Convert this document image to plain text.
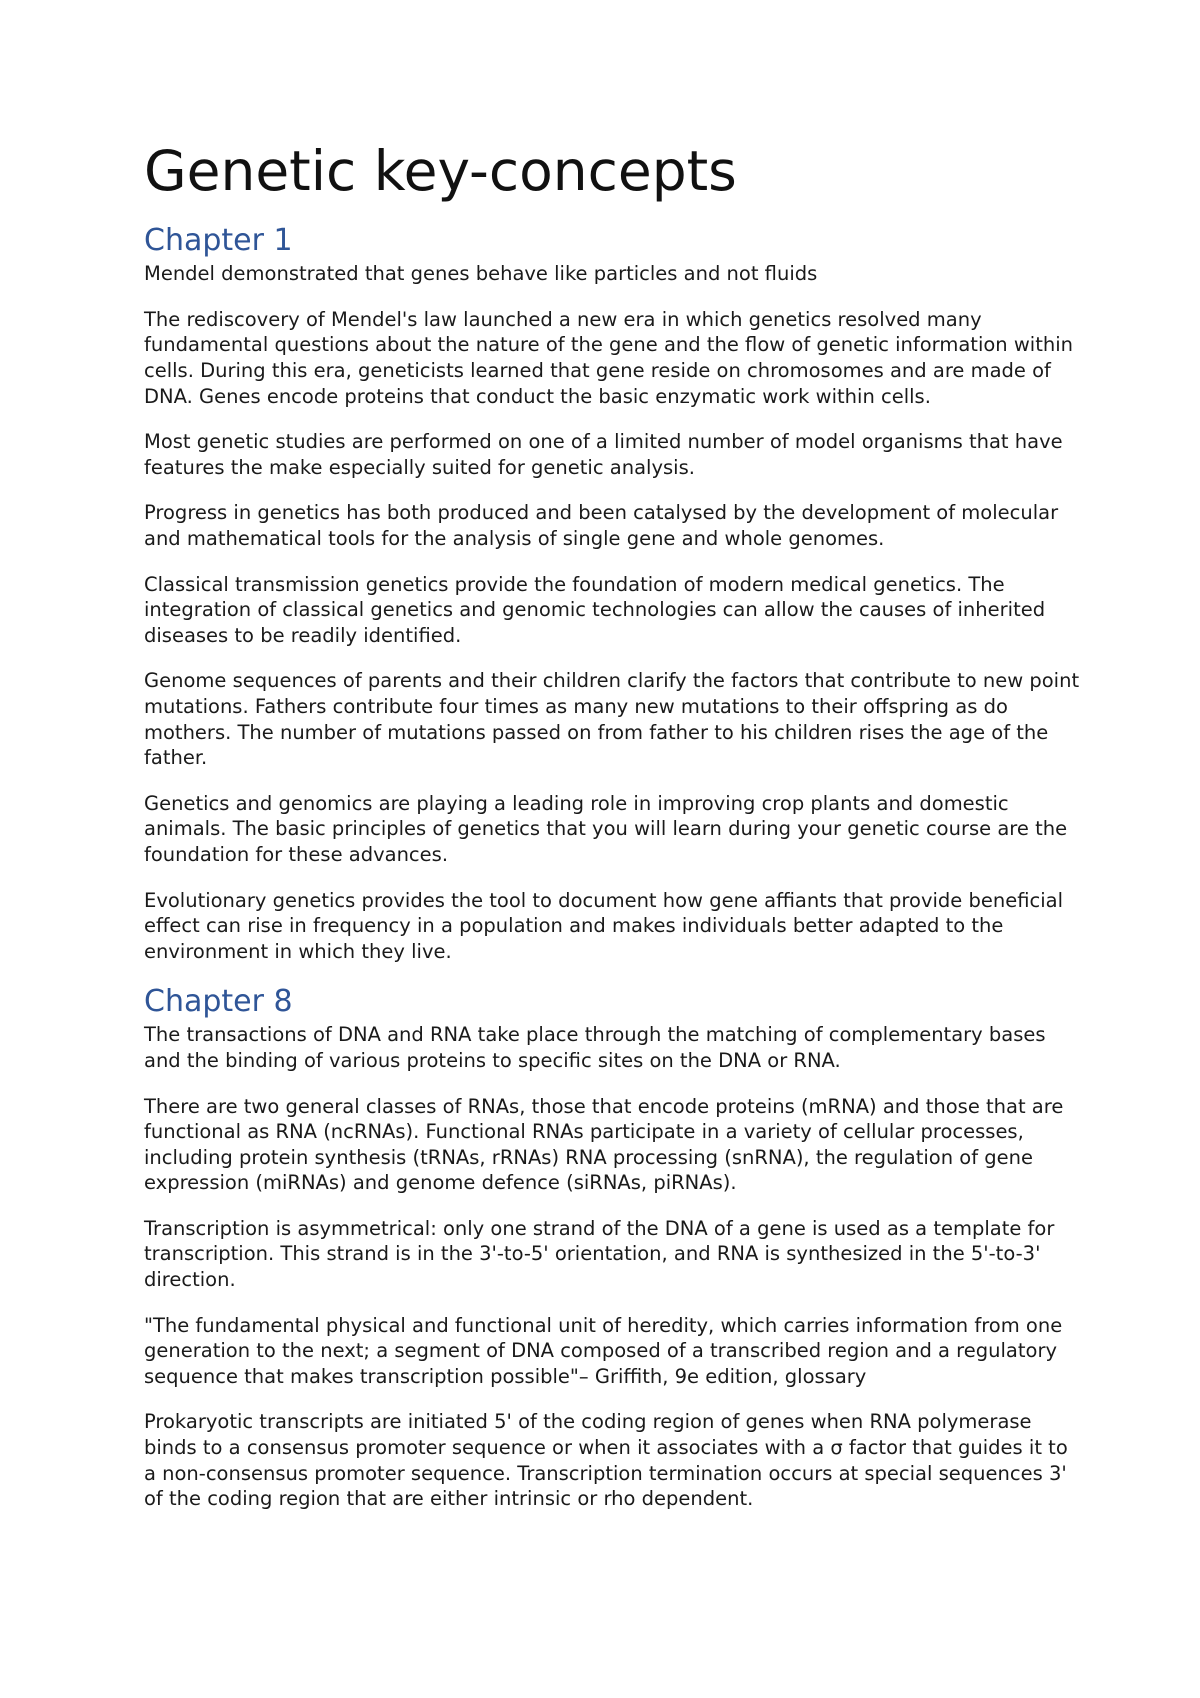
Genetic key-concepts
Chapter 1

Mendel demonstrated that genes behave like particles and not fluids

The rediscovery of Mendel's law launched a new era in which genetics resolved many fundamental questions about the nature of the gene and the flow of genetic information within cells. During this era, geneticists learned that gene reside on chromosomes and are made of DNA. Genes encode proteins that conduct the basic enzymatic work within cells.

Most genetic studies are performed on one of a limited number of model organisms that have features the make especially suited for genetic analysis.

Progress in genetics has both produced and been catalysed by the development of molecular and mathematical tools for the analysis of single gene and whole genomes.

Classical transmission genetics provide the foundation of modern medical genetics. The integration of classical genetics and genomic technologies can allow the causes of inherited diseases to be readily identified.

Genome sequences of parents and their children clarify the factors that contribute to new point mutations. Fathers contribute four times as many new mutations to their offspring as do mothers. The number of mutations passed on from father to his children rises the age of the father.

Genetics and genomics are playing a leading role in improving crop plants and domestic animals. The basic principles of genetics that you will learn during your genetic course are the foundation for these advances.

Evolutionary genetics provides the tool to document how gene affiants that provide beneficial effect can rise in frequency in a population and makes individuals better adapted to the environment in which they live.

Chapter 8

The transactions of DNA and RNA take place through the matching of complementary bases and the binding of various proteins to specific sites on the DNA or RNA.

There are two general classes of RNAs, those that encode proteins (mRNA) and those that are functional as RNA (ncRNAs). Functional RNAs participate in a variety of cellular processes, including protein synthesis (tRNAs, rRNAs) RNA processing (snRNA), the regulation of gene expression (miRNAs) and genome defence (siRNAs, piRNAs).

Transcription is asymmetrical: only one strand of the DNA of a gene is used as a template for transcription. This strand is in the 3'-to-5' orientation, and RNA is synthesized in the 5'-to-3' direction.

"The fundamental physical and functional unit of heredity, which carries information from one generation to the next; a segment of DNA composed of a transcribed region and a regulatory sequence that makes transcription possible"– Griffith, 9e edition, glossary

Prokaryotic transcripts are initiated 5' of the coding region of genes when RNA polymerase binds to a consensus promoter sequence or when it associates with a σ factor that guides it to a non-consensus promoter sequence. Transcription termination occurs at special sequences 3' of the coding region that are either intrinsic or rho dependent.
